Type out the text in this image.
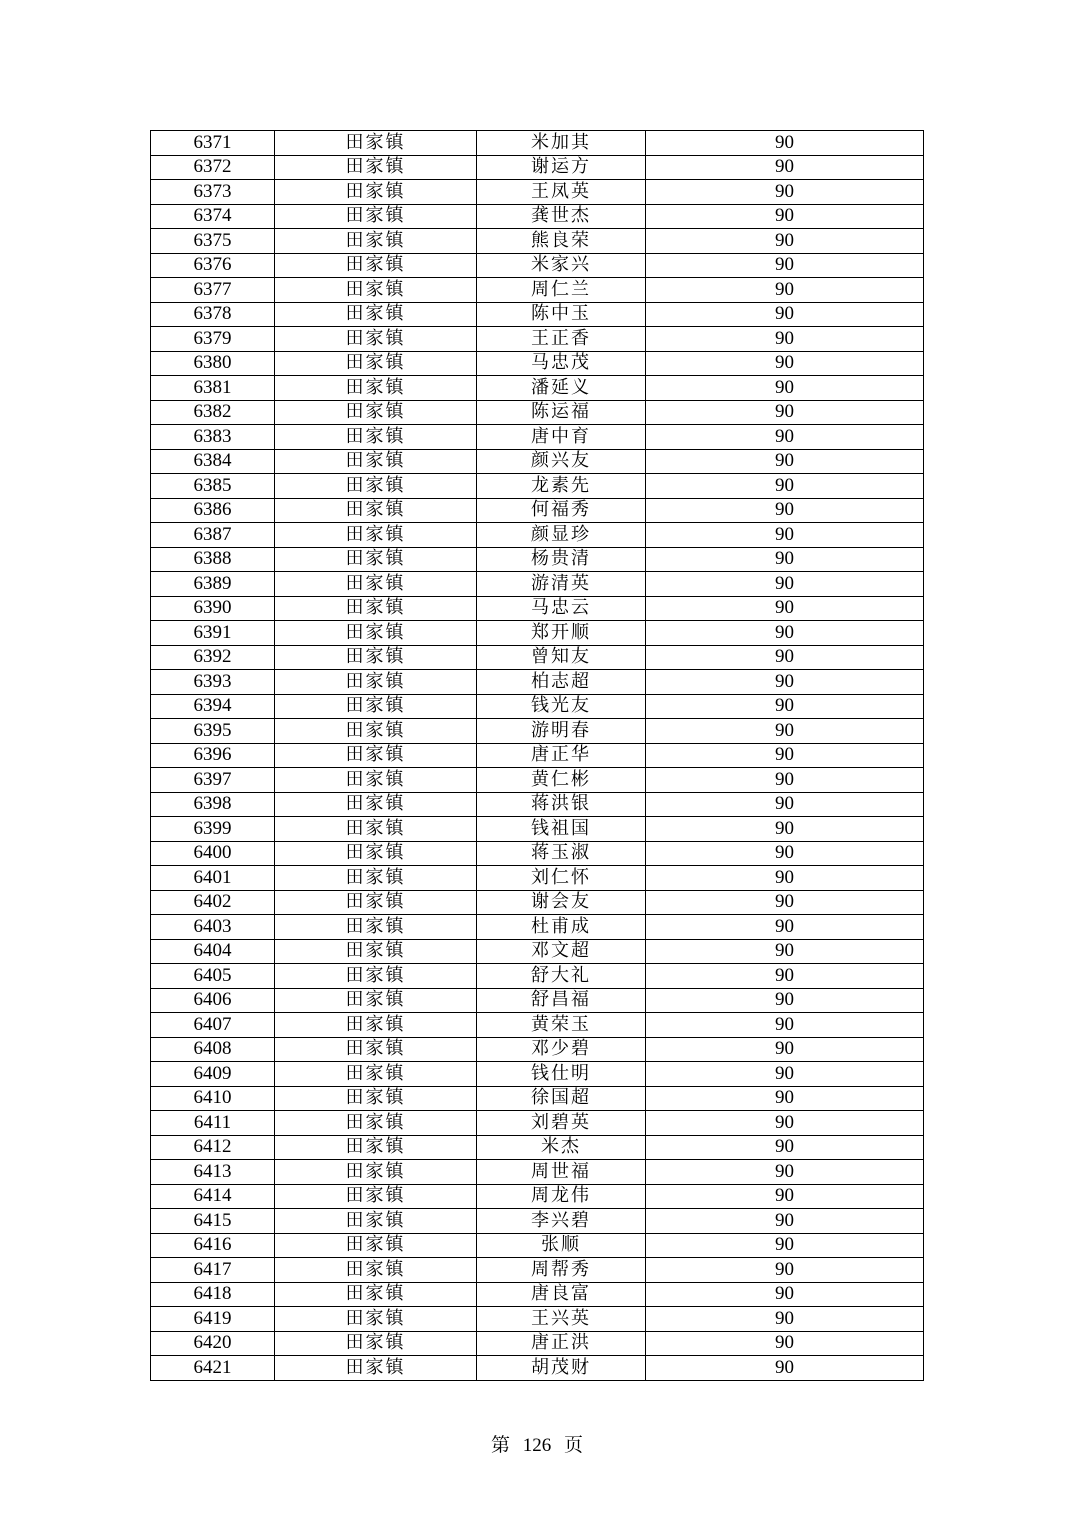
6371	田家镇	米加其	90
6372	田家镇	谢运方	90
6373	田家镇	王凤英	90
6374	田家镇	龚世杰	90
6375	田家镇	熊良荣	90
6376	田家镇	米家兴	90
6377	田家镇	周仁兰	90
6378	田家镇	陈中玉	90
6379	田家镇	王正香	90
6380	田家镇	马忠茂	90
6381	田家镇	潘延义	90
6382	田家镇	陈运福	90
6383	田家镇	唐中育	90
6384	田家镇	颜兴友	90
6385	田家镇	龙素先	90
6386	田家镇	何福秀	90
6387	田家镇	颜显珍	90
6388	田家镇	杨贵清	90
6389	田家镇	游清英	90
6390	田家镇	马忠云	90
6391	田家镇	郑开顺	90
6392	田家镇	曾知友	90
6393	田家镇	柏志超	90
6394	田家镇	钱光友	90
6395	田家镇	游明春	90
6396	田家镇	唐正华	90
6397	田家镇	黄仁彬	90
6398	田家镇	蒋洪银	90
6399	田家镇	钱祖国	90
6400	田家镇	蒋玉淑	90
6401	田家镇	刘仁怀	90
6402	田家镇	谢会友	90
6403	田家镇	杜甫成	90
6404	田家镇	邓文超	90
6405	田家镇	舒大礼	90
6406	田家镇	舒昌福	90
6407	田家镇	黄荣玉	90
6408	田家镇	邓少碧	90
6409	田家镇	钱仕明	90
6410	田家镇	徐国超	90
6411	田家镇	刘碧英	90
6412	田家镇	米杰	90
6413	田家镇	周世福	90
6414	田家镇	周龙伟	90
6415	田家镇	李兴碧	90
6416	田家镇	张顺	90
6417	田家镇	周帮秀	90
6418	田家镇	唐良富	90
6419	田家镇	王兴英	90
6420	田家镇	唐正洪	90
6421	田家镇	胡茂财	90
第 126 页
